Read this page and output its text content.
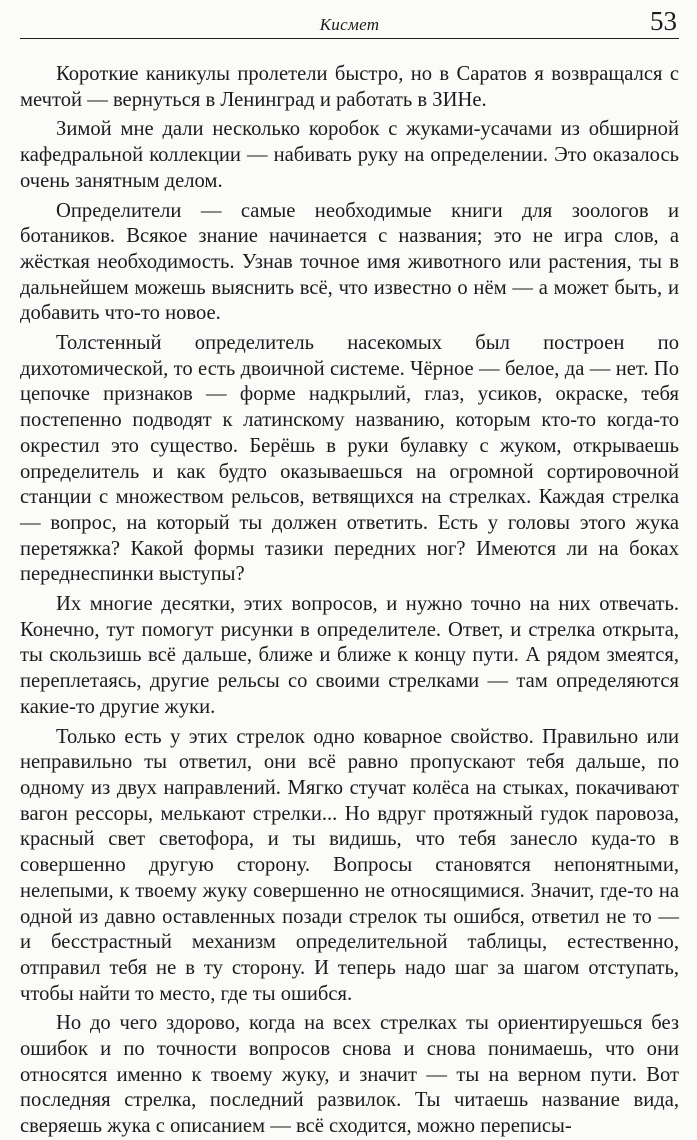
Кисмет	53

Короткие каникулы пролетели быстро, но в Саратов я возвращался с мечтой — вернуться в Ленинград и работать в ЗИНе.

Зимой мне дали несколько коробок с жуками-усачами из обширной кафедральной коллекции — набивать руку на определении. Это оказалось очень занятным делом.

Определители — самые необходимые книги для зоологов и ботаников. Всякое знание начинается с названия; это не игра слов, а жёсткая необходимость. Узнав точное имя животного или растения, ты в дальнейшем можешь выяснить всё, что известно о нём — а может быть, и добавить что-то новое.

Толстенный определитель насекомых был построен по дихотомической, то есть двоичной системе. Чёрное — белое, да — нет. По цепочке признаков — форме надкрылий, глаз, усиков, окраске, тебя постепенно подводят к латинскому названию, которым кто-то когда-то окрестил это существо. Берёшь в руки булавку с жуком, открываешь определитель и как будто оказываешься на огромной сортировочной станции с множеством рельсов, ветвящихся на стрелках. Каждая стрелка — вопрос, на который ты должен ответить. Есть у головы этого жука перетяжка? Какой формы тазики передних ног? Имеются ли на боках переднеспинки выступы?

Их многие десятки, этих вопросов, и нужно точно на них отвечать. Конечно, тут помогут рисунки в определителе. Ответ, и стрелка открыта, ты скользишь всё дальше, ближе и ближе к концу пути. А рядом змеятся, переплетаясь, другие рельсы со своими стрелками — там определяются какие-то другие жуки.

Только есть у этих стрелок одно коварное свойство. Правильно или неправильно ты ответил, они всё равно пропускают тебя дальше, по одному из двух направлений. Мягко стучат колёса на стыках, покачивают вагон рессоры, мелькают стрелки... Но вдруг протяжный гудок паровоза, красный свет светофора, и ты видишь, что тебя занесло куда-то в совершенно другую сторону. Вопросы становятся непонятными, нелепыми, к твоему жуку совершенно не относящимися. Значит, где-то на одной из давно оставленных позади стрелок ты ошибся, ответил не то — и бесстрастный механизм определительной таблицы, естественно, отправил тебя не в ту сторону. И теперь надо шаг за шагом отступать, чтобы найти то место, где ты ошибся.

Но до чего здорово, когда на всех стрелках ты ориентируешься без ошибок и по точности вопросов снова и снова понимаешь, что они относятся именно к твоему жуку, и значит — ты на верном пути. Вот последняя стрелка, последний развилок. Ты читаешь название вида, сверяешь жука с описанием — всё сходится, можно переписы-
